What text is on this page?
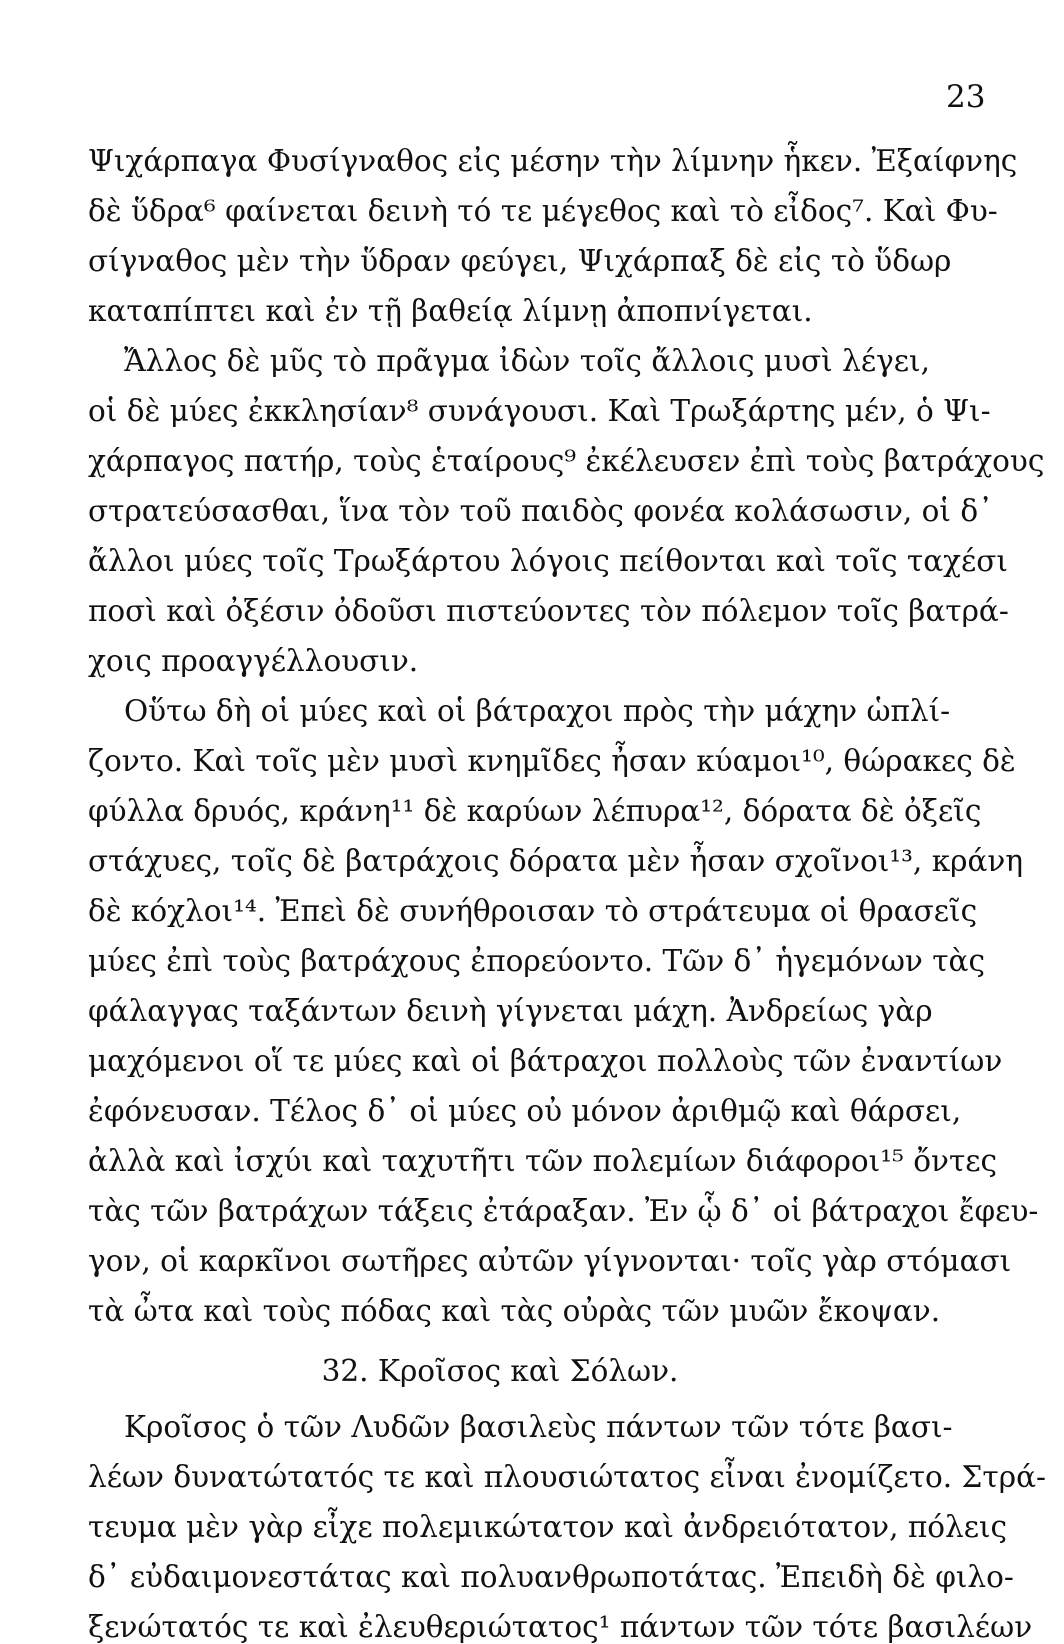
23
Ψιχάρπαγα Φυσίγναθος εἰς μέσην τὴν λίμνην ἧκεν. Ἐξαίφνης
δὲ ὕδρα⁶ φαίνεται δεινὴ τό τε μέγεθος καὶ τὸ εἶδος⁷. Καὶ Φυ-
σίγναθος μὲν τὴν ὕδραν φεύγει, Ψιχάρπαξ δὲ εἰς τὸ ὕδωρ
καταπίπτει καὶ ἐν τῇ βαθείᾳ λίμνῃ ἀποπνίγεται.
Ἄλλος δὲ μῦς τὸ πρᾶγμα ἰδὼν τοῖς ἄλλοις μυσὶ λέγει,
οἱ δὲ μύες ἐκκλησίαν⁸ συνάγουσι. Καὶ Τρωξάρτης μέν, ὁ Ψι-
χάρπαγος πατήρ, τοὺς ἑταίρους⁹ ἐκέλευσεν ἐπὶ τοὺς βατράχους
στρατεύσασθαι, ἵνα τὸν τοῦ παιδὸς φονέα κολάσωσιν, οἱ δ᾽
ἄλλοι μύες τοῖς Τρωξάρτου λόγοις πείθονται καὶ τοῖς ταχέσι
ποσὶ καὶ ὀξέσιν ὀδοῦσι πιστεύοντες τὸν πόλεμον τοῖς βατρά-
χοις προαγγέλλουσιν.
Οὕτω δὴ οἱ μύες καὶ οἱ βάτραχοι πρὸς τὴν μάχην ὡπλί-
ζοντο. Καὶ τοῖς μὲν μυσὶ κνημῖδες ἦσαν κύαμοι¹⁰, θώρακες δὲ
φύλλα δρυός, κράνη¹¹ δὲ καρύων λέπυρα¹², δόρατα δὲ ὀξεῖς
στάχυες, τοῖς δὲ βατράχοις δόρατα μὲν ἦσαν σχοῖνοι¹³, κράνη
δὲ κόχλοι¹⁴. Ἐπεὶ δὲ συνήθροισαν τὸ στράτευμα οἱ θρασεῖς
μύες ἐπὶ τοὺς βατράχους ἐπορεύοντο. Τῶν δ᾽ ἡγεμόνων τὰς
φάλαγγας ταξάντων δεινὴ γίγνεται μάχη. Ἀνδρείως γὰρ
μαχόμενοι οἵ τε μύες καὶ οἱ βάτραχοι πολλοὺς τῶν ἐναντίων
ἐφόνευσαν. Τέλος δ᾽ οἱ μύες οὐ μόνον ἀριθμῷ καὶ θάρσει,
ἀλλὰ καὶ ἰσχύι καὶ ταχυτῆτι τῶν πολεμίων διάφοροι¹⁵ ὄντες
τὰς τῶν βατράχων τάξεις ἐτάραξαν. Ἐν ᾧ δ᾽ οἱ βάτραχοι ἔφευ-
γον, οἱ καρκῖνοι σωτῆρες αὐτῶν γίγνονται· τοῖς γὰρ στόμασι
τὰ ὦτα καὶ τοὺς πόδας καὶ τὰς οὐρὰς τῶν μυῶν ἔκοψαν.
32. Κροῖσος καὶ Σόλων.
Κροῖσος ὁ τῶν Λυδῶν βασιλεὺς πάντων τῶν τότε βασι-
λέων δυνατώτατός τε καὶ πλουσιώτατος εἶναι ἐνομίζετο. Στρά-
τευμα μὲν γὰρ εἶχε πολεμικώτατον καὶ ἀνδρειότατον, πόλεις
δ᾽ εὐδαιμονεστάτας καὶ πολυανθρωποτάτας. Ἐπειδὴ δὲ φιλο-
ξενώτατός τε καὶ ἐλευθεριώτατος¹ πάντων τῶν τότε βασιλέων
